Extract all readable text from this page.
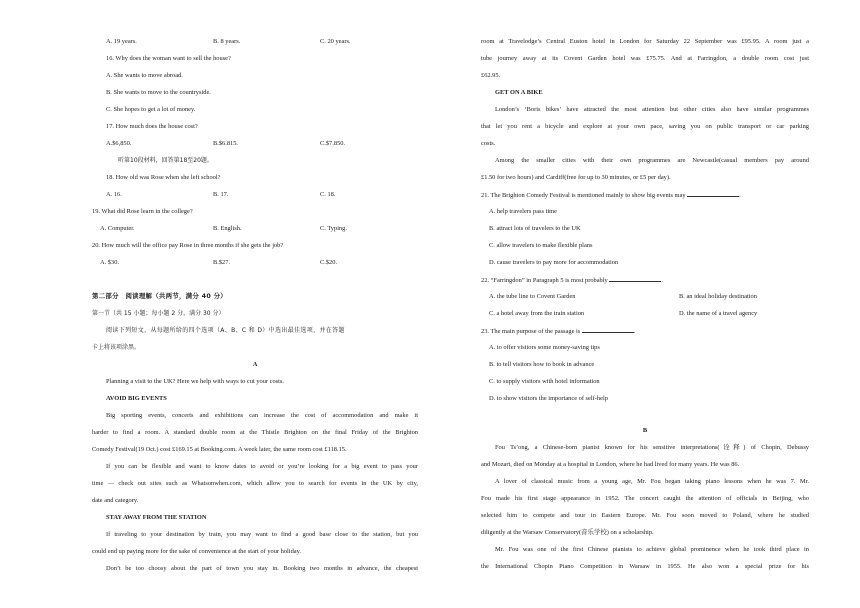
A. 19 years.	B. 8 years.	C. 20 years.
16. Why does the woman want to sell the house?
A. She wants to move abroad.
B. She wants to move to the countryside.
C. She hopes to get a lot of money.
17. How much does the house cost?
A.$6,850.	B.$6.815.	C.$7.850.
听第10段材料，回答第18至20题。
18. How old was Rose when she left school?
A. 16.	B. 17.	C. 18.
19. What did Rose learn in the college?
A. Computer.	B. English.	C. Typing.
20. How much will the office pay Rose in three months if she gets the job?
A. $30.	B.$27.	C.$20.
第二部分　阅读理解（共两节，满分 40 分）
第一节（共 15 小题；每小题 2 分，满分 30 分）
阅读下列短文，从每题所给的四个选项（A、B、C 和 D）中选出最佳选项，并在答题
卡上将该项涂黑。
A
Planning a visit to the UK? Here we help with ways to cut your costs.
AVOID BIG EVENTS
Big sporting events, concerts and exhibitions can increase the cost of accommodation and make it
harder to find a room. A standard double room at the Thistle Brighton on the final Friday of the Brighton
Comedy Festival(19 Oct.) cost £169.15 at Booking.com. A week later, the same room cost £118.15.
If you can be flexible and want to know dates to avoid or you’re looking for a big event to pass your
time — check out sites such as Whatsonwhen.com, which allow you to search for events in the UK by city,
date and category.
STAY AWAY FROM THE STATION
If traveling to your destination by train, you may want to find a good base close to the station, but you
could end up paying more for the sake of convenience at the start of your holiday.
Don’t be too choosy about the part of town you stay in. Booking two months in advance, the cheapest
room at Travelodge’s Central Euston hotel in London for Saturday 22 September was £95.95. A room just a
tube journey away at its Covent Garden hotel was £75.75. And at Farringdon, a double room cost just
£62.95.
GET ON A BIKE
London’s ‘Boris bikes’ have attracted the most attention but other cities also have similar programmes
that let you rent a bicycle and explore at your own pace, saving you on public transport or car parking
costs.
Among the smaller cities with their own programmes are Newcastle(casual members pay around
£1.50 for two hours) and Cardiff(free for up to 30 minutes, or £5 per day).
21. The Brighton Comedy Festival is mentioned mainly to show big events may	.
A. help travelers pass time
B. attract lots of travelers to the UK
C. allow travelers to make flexible plans
D. cause travelers to pay more for accommodation
22. “Farringdon” in Paragraph 5 is most probably	.
A. the tube line to Covent Garden	B. an ideal holiday destination
C. a hotel away from the train station	D. the name of a travel agency
23. The main purpose of the passage is	.
A. to offer visitors some money-saving tips
B. to tell visitors how to book in advance
C. to supply visitors with hotel information
D. to show visitors the importance of self-help
B
Fou Ts’ong, a Chinese-born pianist known for his sensitive interpretations(诠释) of Chopin, Debussy
and Mozart, died on Monday at a hospital in London, where he had lived for many years. He was 86.
A lover of classical music from a young age, Mr. Fou began taking piano lessons when he was 7. Mr.
Fou made his first stage appearance in 1952. The concert caught the attention of officials in Beijing, who
selected him to compete and tour in Eastern Europe. Mr. Fou soon moved to Poland, where he studied
diligently at the Warsaw Conservatory(音乐学校) on a scholarship.
Mr. Fou was one of the first Chinese pianists to achieve global prominence when he took third place in
the International Chopin Piano Competition in Warsaw in 1955. He also won a special prize for his
